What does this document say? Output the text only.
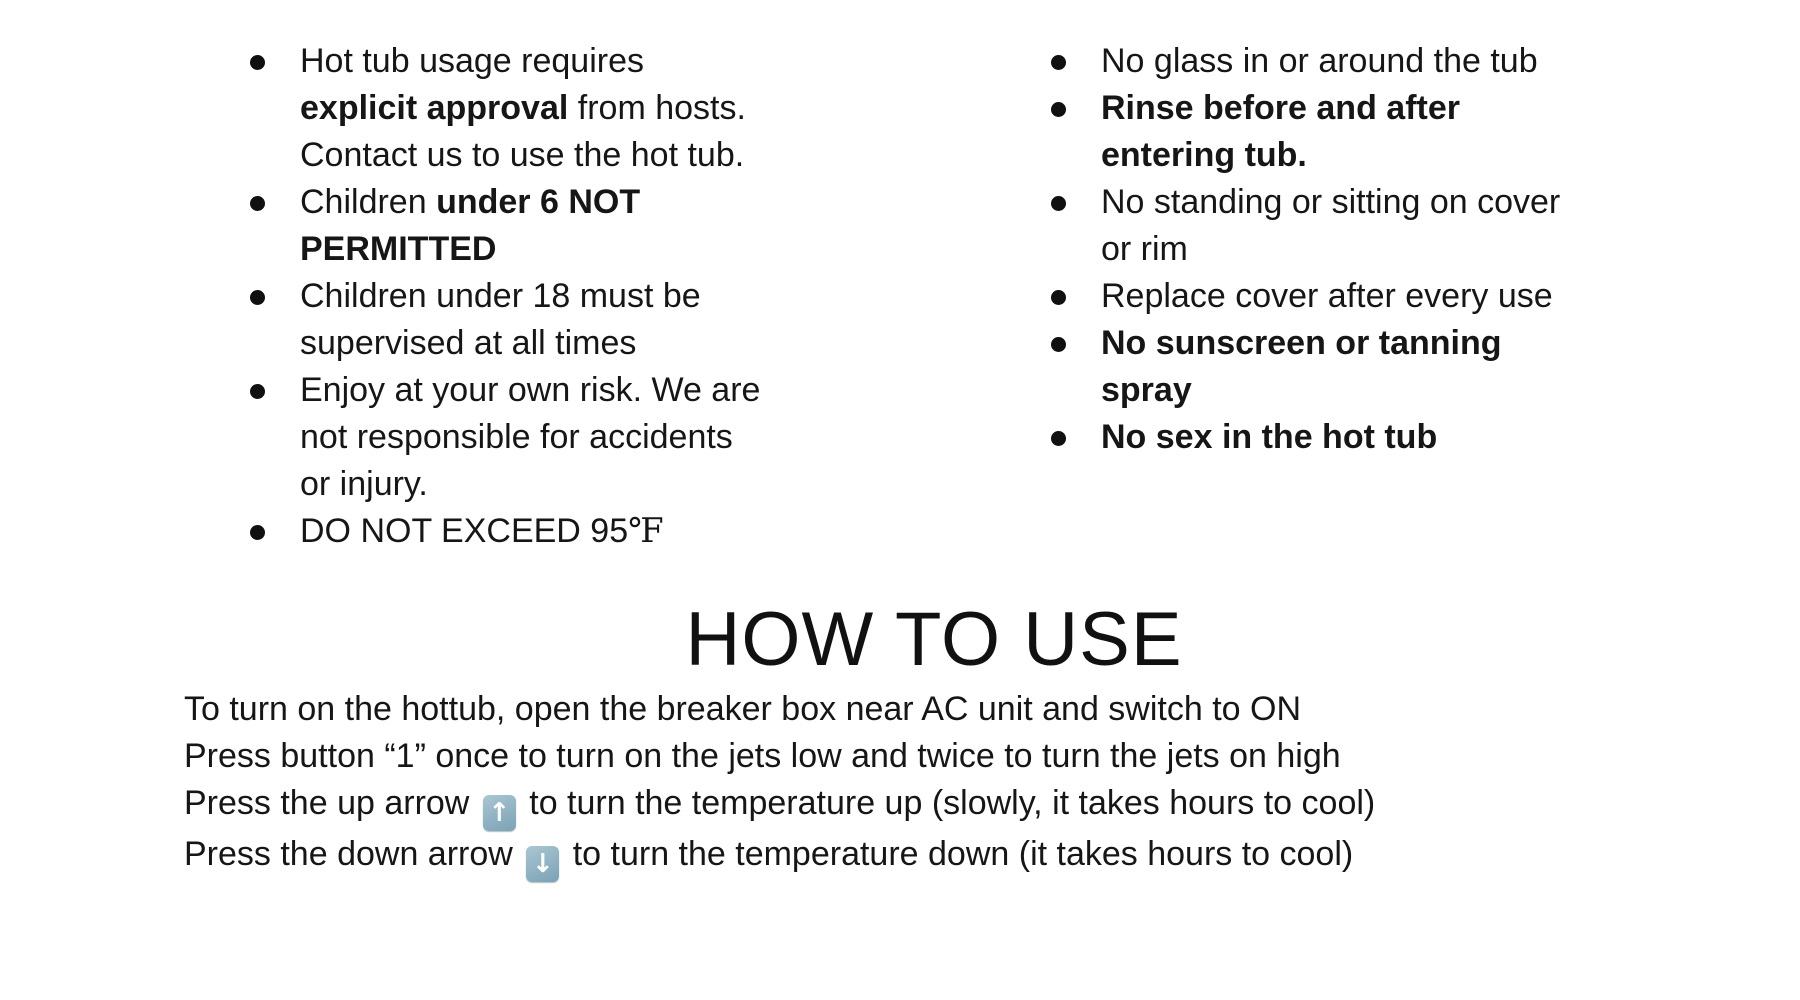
Hot tub usage requires
explicit approval from hosts.
Contact us to use the hot tub.
Children under 6 NOT
PERMITTED
Children under 18 must be
supervised at all times
Enjoy at your own risk. We are
not responsible for accidents
or injury.
DO NOT EXCEED 95℉
No glass in or around the tub
Rinse before and after
entering tub.
No standing or sitting on cover
or rim
Replace cover after every use
No sunscreen or tanning
spray
No sex in the hot tub
HOW TO USE
To turn on the hottub, open the breaker box near AC unit and switch to ON
Press button “1” once to turn on the jets low and twice to turn the jets on high
Press the up arrow ↑ to turn the temperature up (slowly, it takes hours to cool)
Press the down arrow ↓ to turn the temperature down (it takes hours to cool)
